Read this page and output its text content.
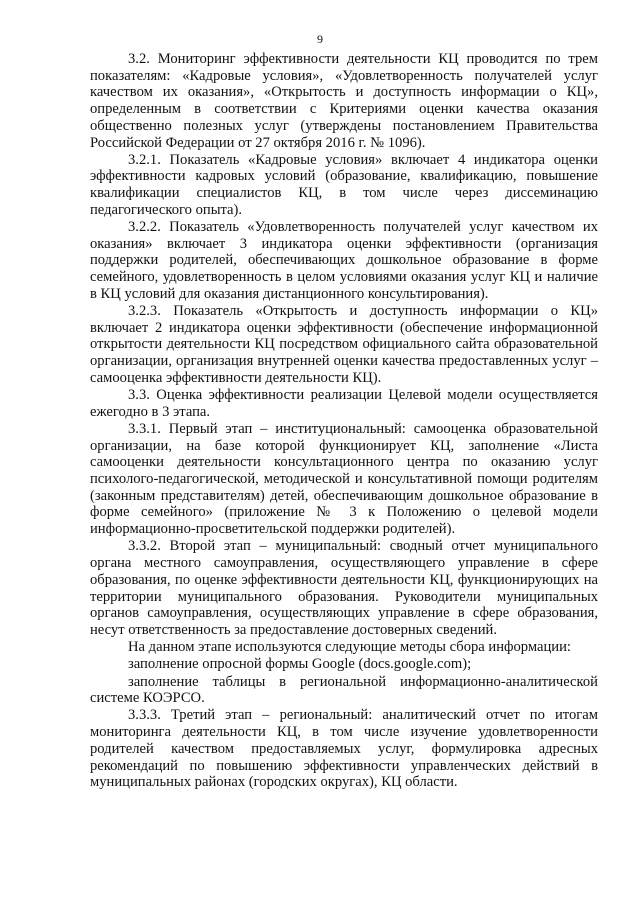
9

3.2. Мониторинг эффективности деятельности КЦ проводится по трем показателям: «Кадровые условия», «Удовлетворенность получателей услуг качеством их оказания», «Открытость и доступность информации о КЦ», определенным в соответствии с Критериями оценки качества оказания общественно полезных услуг (утверждены постановлением Правительства Российской Федерации от 27 октября 2016 г. № 1096).

3.2.1. Показатель «Кадровые условия» включает 4 индикатора оценки эффективности кадровых условий (образование, квалификацию, повышение квалификации специалистов КЦ, в том числе через диссеминацию педагогического опыта).

3.2.2. Показатель «Удовлетворенность получателей услуг качеством их оказания» включает 3 индикатора оценки эффективности (организация поддержки родителей, обеспечивающих дошкольное образование в форме семейного, удовлетворенность в целом условиями оказания услуг КЦ и наличие в КЦ условий для оказания дистанционного консультирования).

3.2.3. Показатель «Открытость и доступность информации о КЦ» включает 2 индикатора оценки эффективности (обеспечение информационной открытости деятельности КЦ посредством официального сайта образовательной организации, организация внутренней оценки качества предоставленных услуг – самооценка эффективности деятельности КЦ).

3.3. Оценка эффективности реализации Целевой модели осуществляется ежегодно в 3 этапа.

3.3.1. Первый этап – институциональный: самооценка образовательной организации, на базе которой функционирует КЦ, заполнение «Листа самооценки деятельности консультационного центра по оказанию услуг психолого-педагогической, методической и консультативной помощи родителям (законным представителям) детей, обеспечивающим дошкольное образование в форме семейного» (приложение № 3 к Положению о целевой модели информационно-просветительской поддержки родителей).

3.3.2. Второй этап – муниципальный: сводный отчет муниципального органа местного самоуправления, осуществляющего управление в сфере образования, по оценке эффективности деятельности КЦ, функционирующих на территории муниципального образования. Руководители муниципальных органов самоуправления, осуществляющих управление в сфере образования, несут ответственность за предоставление достоверных сведений.

На данном этапе используются следующие методы сбора информации:

заполнение опросной формы Google (docs.google.com);

заполнение таблицы в региональной информационно-аналитической системе КОЭРСО.

3.3.3. Третий этап – региональный: аналитический отчет по итогам мониторинга деятельности КЦ, в том числе изучение удовлетворенности родителей качеством предоставляемых услуг, формулировка адресных рекомендаций по повышению эффективности управленческих действий в муниципальных районах (городских округах), КЦ области.
